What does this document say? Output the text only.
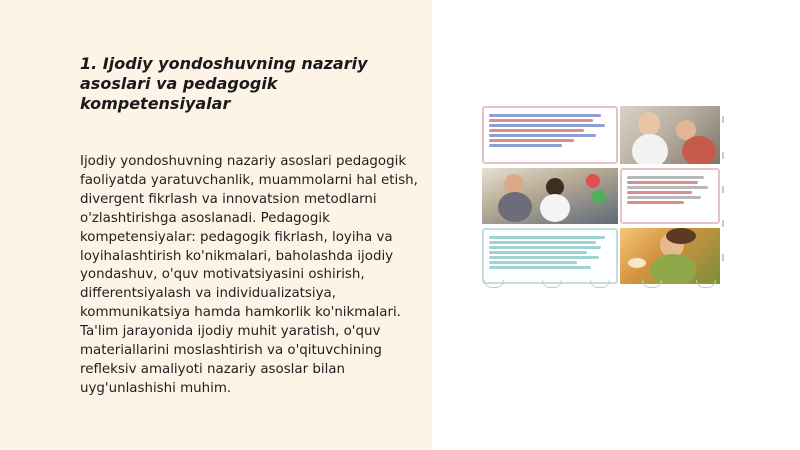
1. Ijodiy yondoshuvning nazariy asoslari va pedagogik kompetensiyalar

Ijodiy yondoshuvning nazariy asoslari pedagogik faoliyatda yaratuvchanlik, muammolarni hal etish, divergent fikrlash va innovatsion metodlarni o'zlashtirishga asoslanadi. Pedagogik kompetensiyalar: pedagogik fikrlash, loyiha va loyihalashtirish ko'nikmalari, baholashda ijodiy yondashuv, o'quv motivatsiyasini oshirish, differentsiyalash va individualizatsiya, kommunikatsiya hamda hamkorlik ko'nikmalari. Ta'lim jarayonida ijodiy muhit yaratish, o'quv materiallarini moslashtirish va o'qituvchining refleksiv amaliyoti nazariy asoslar bilan uyg'unlashishi muhim.
